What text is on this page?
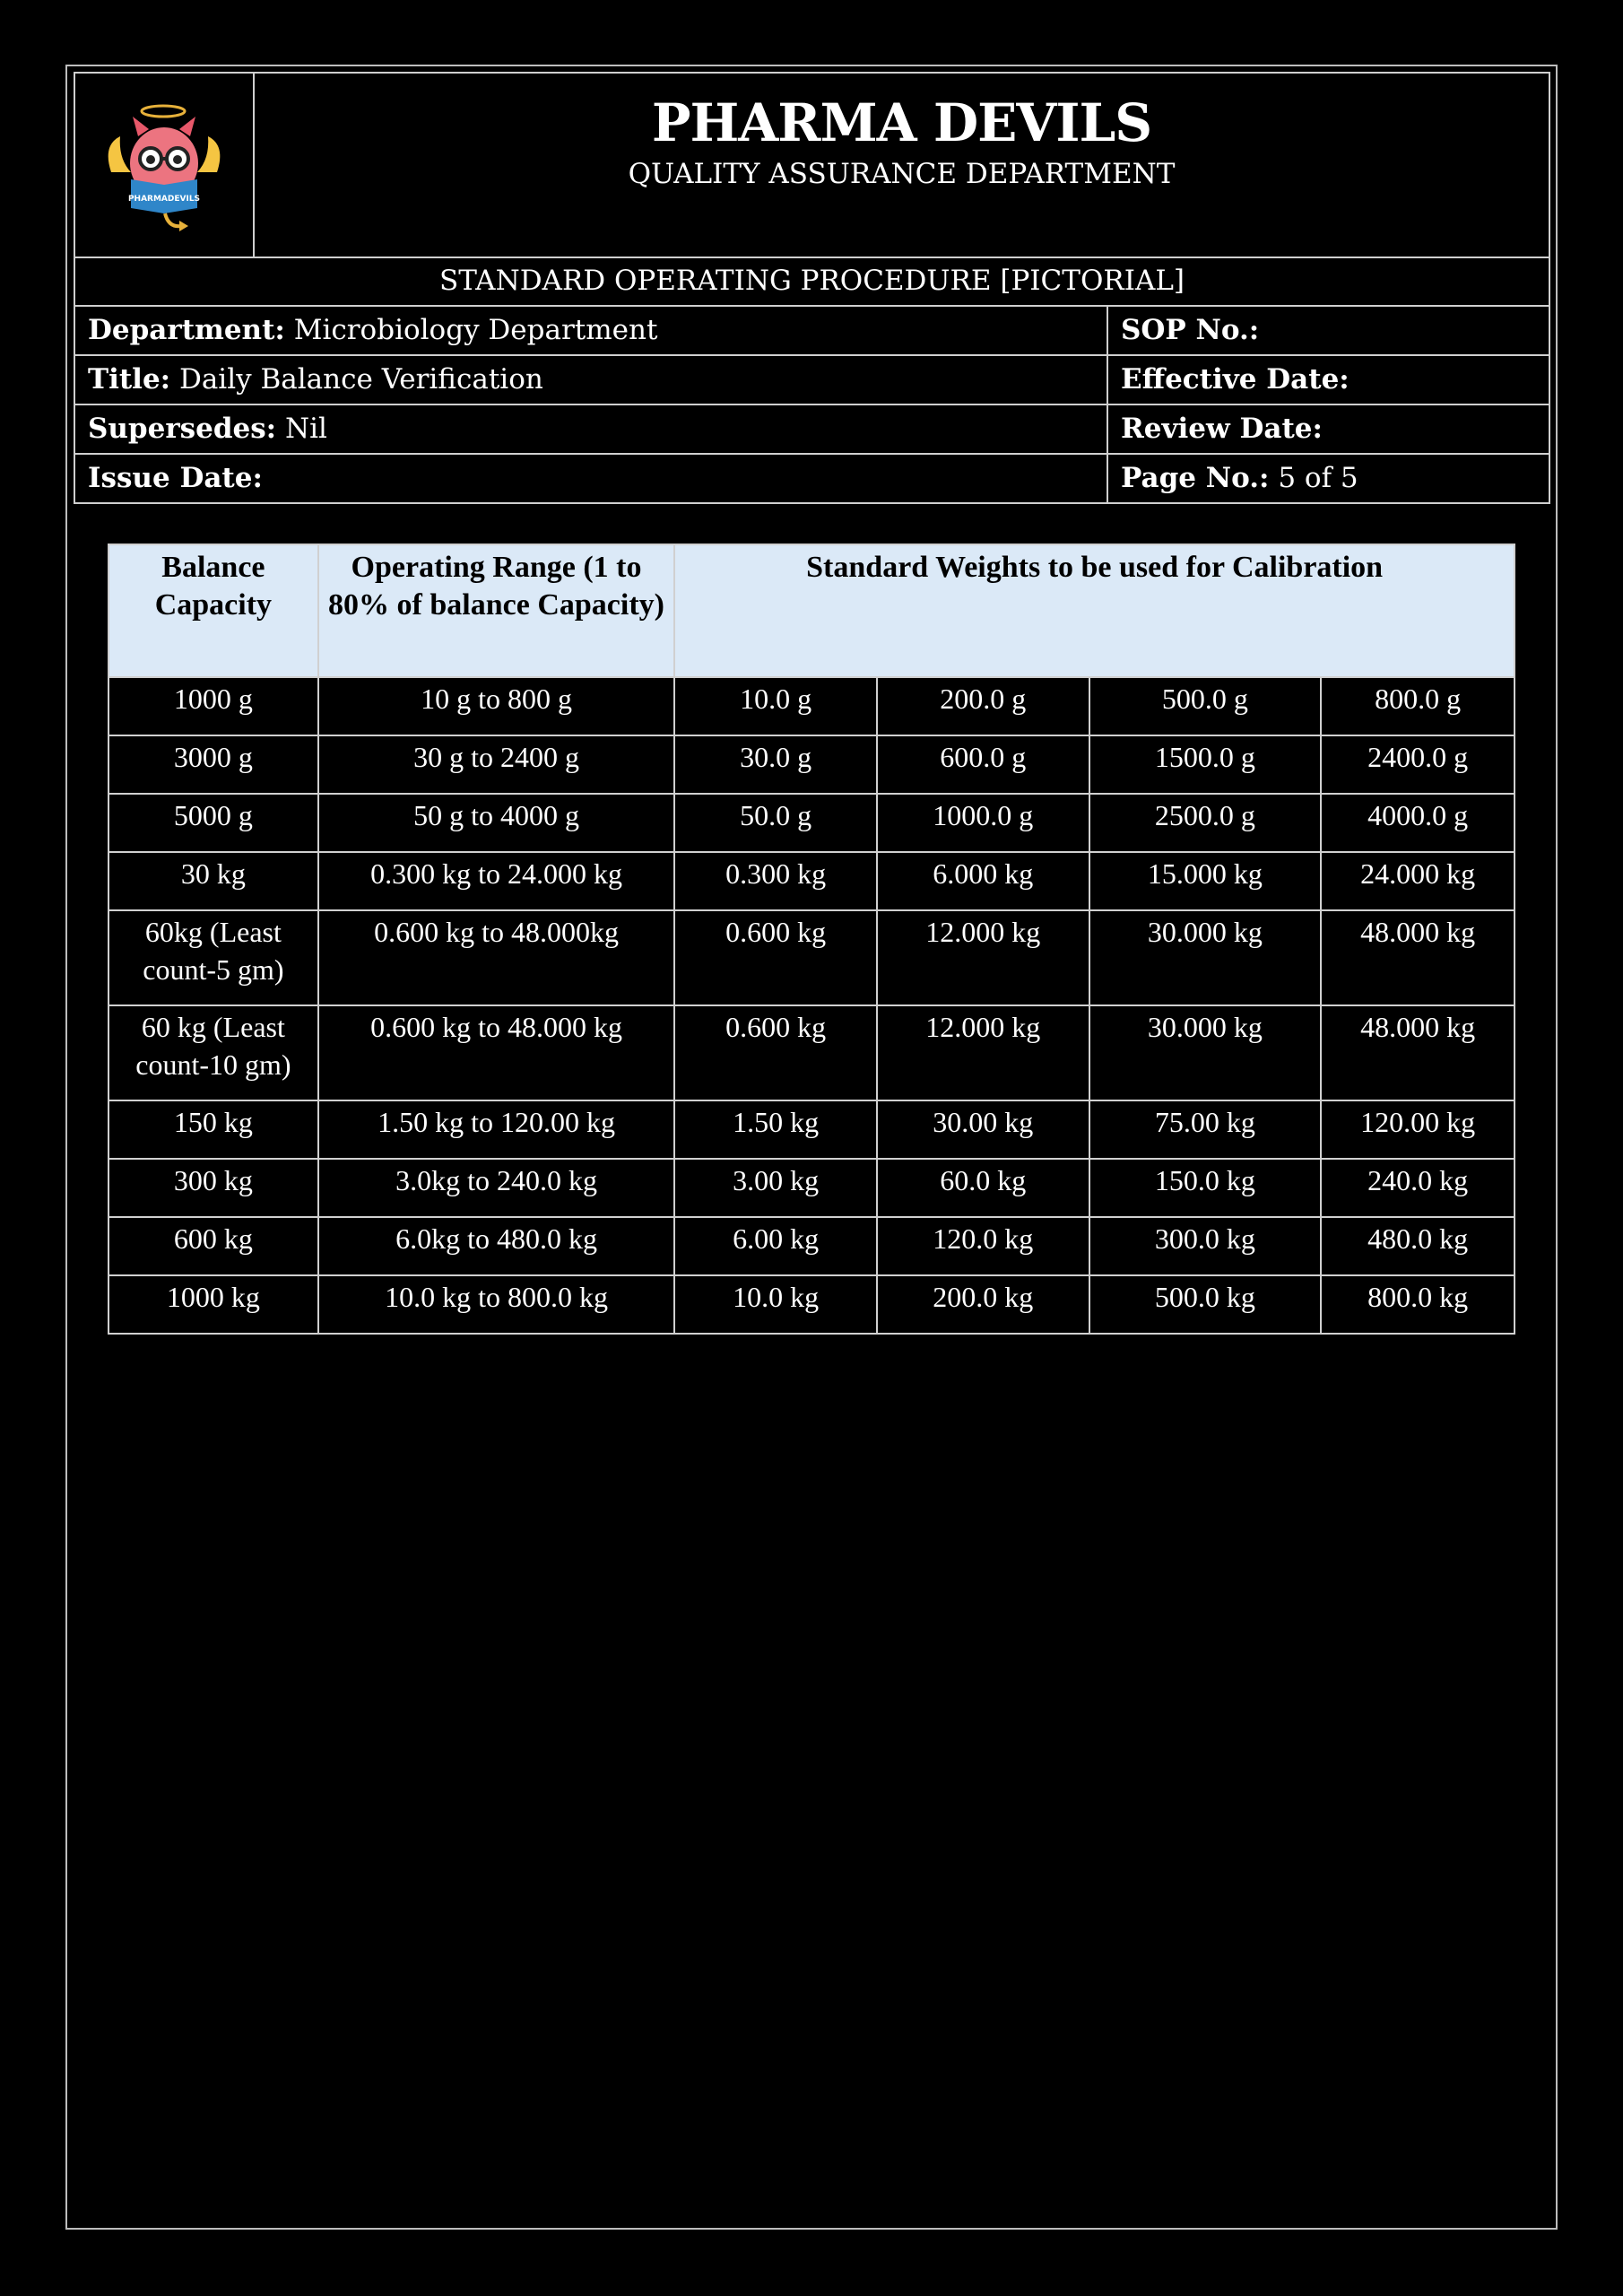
PHARMADEVILS
PHARMA DEVILS
QUALITY ASSURANCE DEPARTMENT
STANDARD OPERATING PROCEDURE [PICTORIAL]
Department: Microbiology Department	SOP No.:
Title: Daily Balance Verification	Effective Date:
Supersedes: Nil	Review Date:
Issue Date:	Page No.: 5 of 5
Balance Capacity	Operating Range (1 to 80% of balance Capacity)	Standard Weights to be used for Calibration			
1000 g	10 g to 800 g	10.0 g	200.0 g	500.0 g	800.0 g
3000 g	30 g to 2400 g	30.0 g	600.0 g	1500.0 g	2400.0 g
5000 g	50 g to 4000 g	50.0 g	1000.0 g	2500.0 g	4000.0 g
30 kg	0.300 kg to 24.000 kg	0.300 kg	6.000 kg	15.000 kg	24.000 kg
60kg (Least count-5 gm)	0.600 kg to 48.000kg	0.600 kg	12.000 kg	30.000 kg	48.000 kg
60 kg (Least count-10 gm)	0.600 kg to 48.000 kg	0.600 kg	12.000 kg	30.000 kg	48.000 kg
150 kg	1.50 kg to 120.00 kg	1.50 kg	30.00 kg	75.00 kg	120.00 kg
300 kg	3.0kg to 240.0 kg	3.00 kg	60.0 kg	150.0 kg	240.0 kg
600 kg	6.0kg to 480.0 kg	6.00 kg	120.0 kg	300.0 kg	480.0 kg
1000 kg	10.0 kg to 800.0 kg	10.0 kg	200.0 kg	500.0 kg	800.0 kg
